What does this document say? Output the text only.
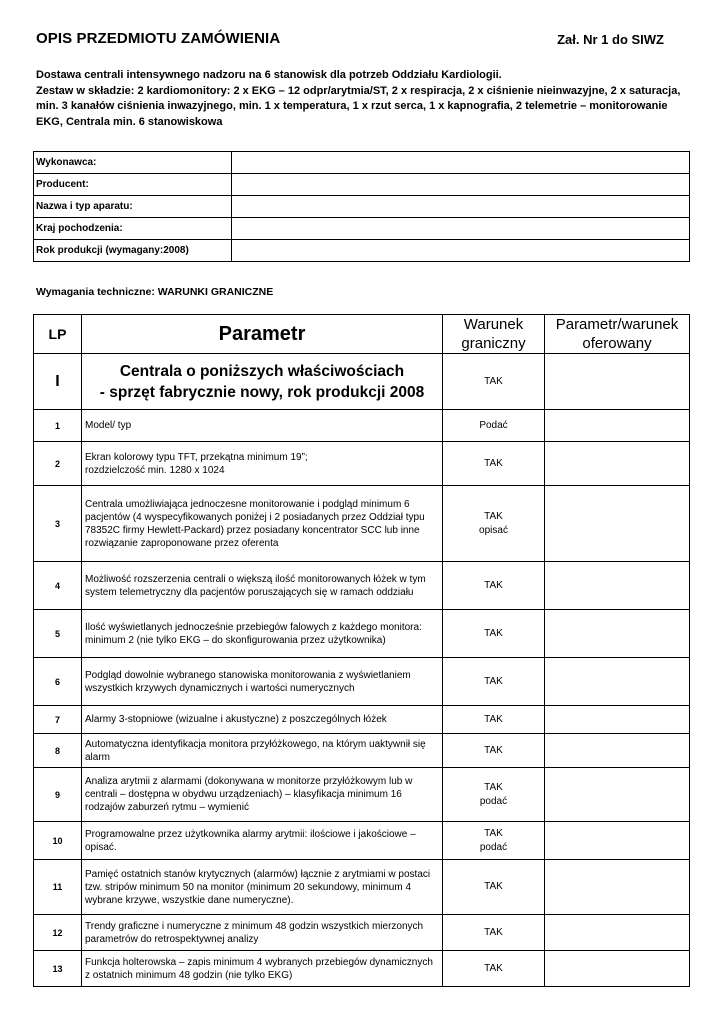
OPIS PRZEDMIOTU ZAMÓWIENIA	Zał. Nr 1 do SIWZ

Dostawa centrali intensywnego nadzoru na 6 stanowisk dla potrzeb Oddziału Kardiologii.

Zestaw w składzie: 2 kardiomonitory: 2 x EKG – 12 odpr/arytmia/ST, 2 x respiracja, 2 x ciśnienie nieinwazyjne, 2 x saturacja, min. 3 kanałów ciśnienia inwazyjnego, min. 1 x temperatura, 1 x rzut serca, 1 x kapnografia, 2 telemetrie – monitorowanie EKG, Centrala min. 6 stanowiskowa

Wykonawca:	
Producent:	
Nazwa i typ aparatu:	
Kraj pochodzenia:	
Rok produkcji (wymagany:2008)	
Wymagania techniczne: WARUNKI GRANICZNE
LP	Parametr	Warunek graniczny	Parametr/warunek oferowany
I	Centrala o poniższych właściwościach
- sprzęt fabrycznie nowy, rok produkcji 2008	TAK	
1	Model/ typ	Podać	

2	Ekran kolorowy typu TFT, przekątna minimum 19”;
rozdzielczość min. 1280 x 1024	TAK	

3	Centrala umożliwiająca jednoczesne monitorowanie i podgląd minimum 6 pacjentów (4 wyspecyfikowanych poniżej i 2 posiadanych przez Oddział typu 78352C firmy Hewlett-Packard) przez posiadany koncentrator SCC lub inne rozwiązanie zaproponowane przez oferenta	TAK
opisać	

4	Możliwość rozszerzenia centrali o większą ilość monitorowanych łóżek w tym system telemetryczny dla pacjentów poruszających się w ramach oddziału	TAK	

5	Ilość wyświetlanych jednocześnie przebiegów falowych z każdego monitora: minimum 2 (nie tylko EKG – do skonfigurowania przez użytkownika)	TAK	

6	Podgląd dowolnie wybranego stanowiska monitorowania z wyświetlaniem wszystkich krzywych dynamicznych i wartości numerycznych	TAK	

7	Alarmy 3-stopniowe (wizualne i akustyczne) z poszczególnych łóżek	TAK	

8	Automatyczna identyfikacja monitora przyłóżkowego, na którym uaktywnił się alarm	TAK	

9	Analiza arytmii z alarmami (dokonywana w monitorze przyłóżkowym lub w centrali – dostępna w obydwu urządzeniach) – klasyfikacja minimum 16 rodzajów zaburzeń rytmu – wymienić	TAK
podać	

10	Programowalne przez użytkownika alarmy arytmii: ilościowe i jakościowe – opisać.	TAK
podać	

11	Pamięć ostatnich stanów krytycznych (alarmów) łącznie z arytmiami w postaci tzw. stripów minimum 50 na monitor (minimum 20 sekundowy, minimum 4 wybrane krzywe, wszystkie dane numeryczne).	TAK	

12	Trendy graficzne i numeryczne z minimum 48 godzin wszystkich mierzonych parametrów do retrospektywnej analizy	TAK	

13	Funkcja holterowska – zapis minimum 4 wybranych przebiegów dynamicznych z ostatnich minimum 48 godzin (nie tylko EKG)	TAK	
